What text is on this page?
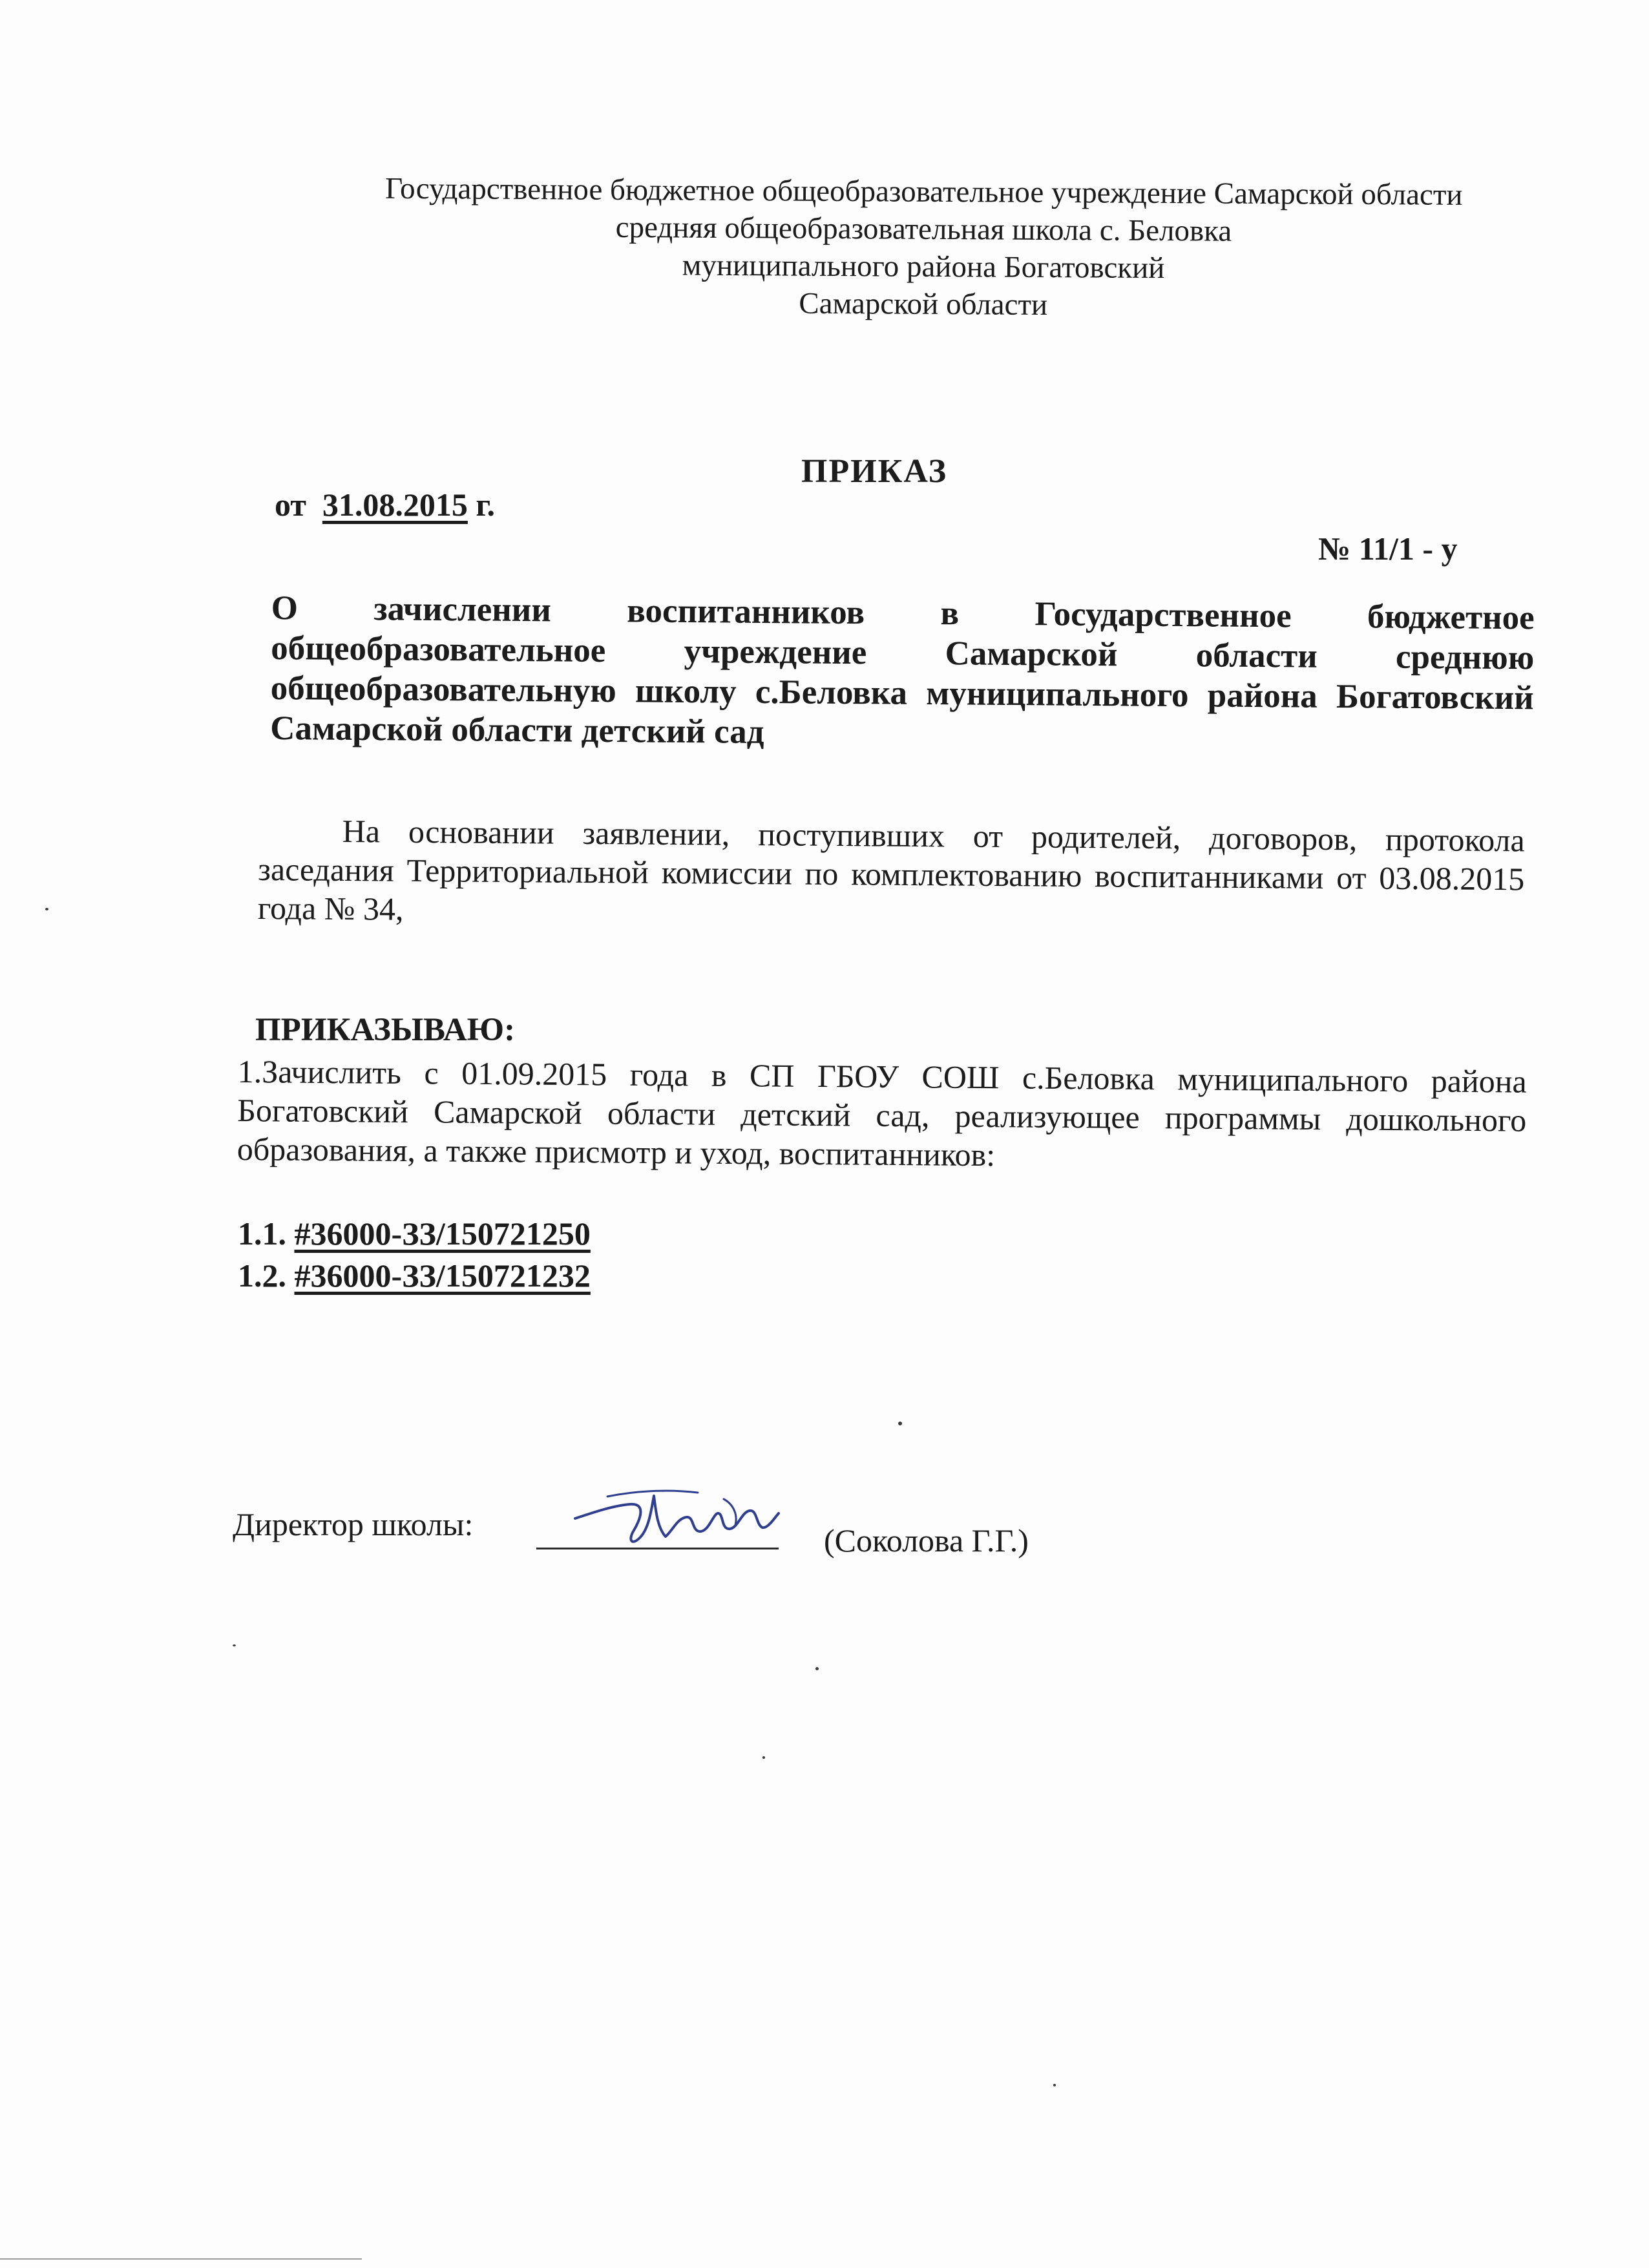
Государственное бюджетное общеобразовательное учреждение Самарской области
средняя общеобразовательная школа с. Беловка
муниципального района Богатовский
Самарской области
ПРИКАЗ
от 31.08.2015 г.
№ 11/1 - у
О зачислении воспитанников в Государственное бюджетное общеобразовательное учреждение Самарской области среднюю общеобразовательную школу с.Беловка муниципального района Богатовский Самарской области детский сад
На основании заявлении, поступивших от родителей, договоров, протокола заседания Территориальной комиссии по комплектованию воспитанниками от 03.08.2015 года № 34,
ПРИКАЗЫВАЮ:
1.Зачислить с 01.09.2015 года в СП ГБОУ СОШ с.Беловка муниципального района Богатовский Самарской области детский сад, реализующее программы дошкольного образования, а также присмотр и уход, воспитанников:
1.1. #36000-ЗЗ/150721250
1.2. #36000-ЗЗ/150721232
Директор школы:	(Соколова Г.Г.)
